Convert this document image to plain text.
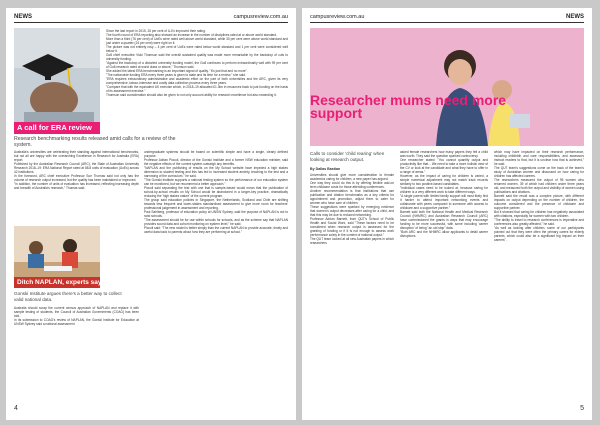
NEWS	campusreview.com.au
A call for ERA review
Since the last report in 2015, 26 per cent of U-Ex improved their rating.
The fourth round of ERA reporting also showed an increase in the number of disciplines rated at or above world standard.
More than a third (76 per cent) of UoEs were rated well above world standard, while 30 per cent were above world standard and just under a quarter (24 per cent) were right on it.
The picture was not entirely rosy – 4 per cent of UoEs were rated below world standard and 1 per cent were considered well below it.
Go8 chief executive Vicki Thomson said the overall sustained quality was made more remarkable by the backdrop of cuts to university funding.
"Against the backdrop of a distorted university funding model, the Go8 continues to perform extraordinarily well with 99 per cent of Go8 research rated at world class or above," Thomson said.
She added the latest ERA benchmarking is an important signal of quality. "It's just that and no more".
"The nationwide funding ERA every three years is given to state and its time for a review," she said.
"ERA requires extraordinary administrative and academic effort on the part of both universities and the ARC, given its very comprehensive, labour-intensive and costly data collection process every three years.
"Compare that with the equivalent UK exercise which, in 2018–19 allocated £1.3bn in resources back to just funding on the basis of its assessment exercise."
Thomson said consideration should also be given to not only account ability for research excellence but also rewarding it.
Research benchmarking results released amid calls for a review of the system.
Australia's universities are celebrating their standing against international benchmarks, but not all are happy with the overarching Excellence in Research for Australia (ERA) report.
Published by the Australian Research Council (ARC), the State of Australian University Research 2018–19: ERA National Report rated at 88.8 units of evaluation (UoEs) across 42 institutions.
In the foreword, ARC chief executive Professor Sue Thomas said not only has the volume of research output increased, but the quality has been maintained or improved.
"In addition, the number of units of evaluation has increased, reflecting increasing depth and breadth of Australia's research," Thomas said.
undergraduate systems should be based on scientific simple and have a single, clearly defined purpose.
Professor Adrian Piccoli, director of the Gonski Institute and a former NSW education minister, said the negative effects of the current system outweigh any benefits.
"NAPLAN and the publishing of results on the My School website have impeded a high stakes dimension to student testing and this has led to increased student anxiety, teaching to the test and a narrowing of the curriculum," he said.
"The Gonski Institute supports a national testing system so the performance of our education system can be monitored, but we recommend a better approach."
Piccoli said separating the test with one that is sample-based would mean that the publication of school-by-school results on My School would be abandoned in a longer-key practice, dramatically reducing the 'high stakes nature' of the current program.
The group said education policies in Singapore, the Netherlands, Scotland and Chile are shifting towards less frequent and lower-stakes standardised assessment to give more room for teachers' professional judgement in assessment and reporting.
Paul Sahlberg, professor of education policy at UNSW Sydney, said the purpose of NAPLAN is not to rank schools.
"The assessment should be for use within schools for schools, and as the scheme say that NAPLAN provides sound data and cohort monitoring on system level," he said.
Piccoli said: "The new model is better simply than the current NAPLAN to provide accurate, timely and useful data back to parents about how they are performing at school."
Ditch NAPLAN, experts say
Gonski Institute argues there's a better way to collect valid national data.
Australia should scrap the current census approach of NAPLAN and replace it with sample testing of students, the Council of Australian Governments (COAG) has been told.
In its submission to COAG's review of NAPLAN, the Gonski Institute for Education at UNSW Sydney said a national assessment
4
campusreview.com.au	NEWS
Researcher mums need more support
Calls to consider 'child rearing' when looking at research output.
By Dallas Bastian
Universities should give more consideration to female academics caring for children, a new paper has argued.
One way they could do this is by offering flexible add-on term childcare costs for those attending conferences.
Another recommendation is that institutions that use publication and citation benchmarks as a key criteria for appointment and promotion, adjust them to cater for women who have care of children.
These suggestions were sparked by emerging evidence that women's output decreases after caring for a child, and that this may be due to reduced networking.
Professor Adrian Barnett, from QUT's School of Public Health and Social Work, said "These factors need to be considered when research output is assessed for the granting of funding or if it is not enough to assess work performance solely in the context of national output."
The QUT team looked at all new Australian papers in which researchers
asked female researchers how many papers they felt a child was worth. They said the question sparked controversy.
One researcher stated: "You cannot quantify output and productivity like that... We need to take a more holistic view of the CV or look at the candidate and what they have to offer in a range of areas."
However, as the impact of caring for children is varied, a simple numerical adjustment may not match track records similarly to two positive-based candidates.
"Individual cases need to be looked at, because caring for children is a very different work to take different ways.
"A single parent with limited family support will most likely find it harder to attend important networking events and collaborate with peers compared to someone with access to childcare and a supportive partner."
Barnett said both the National Health and Medical Research Council (NHMRC) and Australian Research Council (ARC) have commissioned the grants in ways that may encourage funding to be more successful, with some including 'career disruption' of being "an old stop" data.
"Both ARC and the NHMRC allow applicants to detail career disruptions
which may have impacted on their research performance, including childbirth and care responsibilities, and assessors instruct readers to that, but it is unclear how that is achieved," he said.
The QUT team's suggestions come on the back of the team's study of Australian women and discussed on how caring for children has affected careers.
The researchers measured the output of 95 women who returned women, 39 of which had children under three years old, and measured both the output and visibility of women using publications and citations.
Barnett said the result was a complex picture, with different impacts on output depending on the number of children, the outcome considered and the presence of childcare and supportive partner.
But it showed that caring for children has negatively associated with citations, especially for women with two children.
"The ability to travel to research conferences is imperative and conferences also greatly affected," he said.
"As well as looking after children, some of our participants pointed out that they were often the primary carers for elderly parents, which could also be a significant big impact on their careers".
5
